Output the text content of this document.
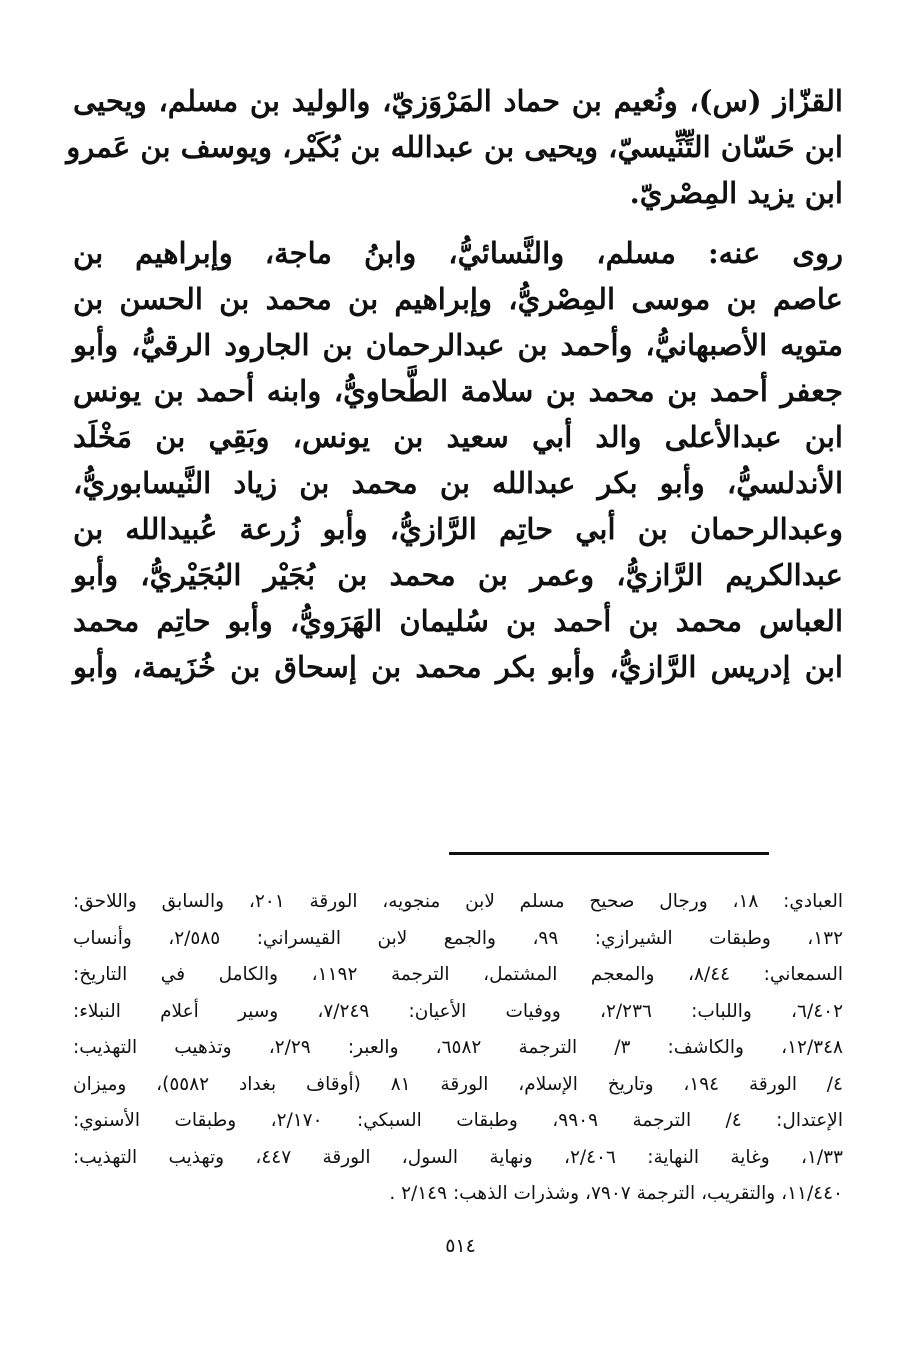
القزّاز (س)، ونُعيم بن حماد المَرْوَزيّ، والوليد بن مسلم، ويحيى
ابن حَسّان التِّنِّيسيّ، ويحيى بن عبدالله بن بُكَيْر، ويوسف بن عَمرو
ابن يزيد المِصْريّ.
روى عنه: مسلم، والنَّسائيُّ، وابنُ ماجة، وإبراهيم بن
عاصم بن موسى المِصْريُّ، وإبراهيم بن محمد بن الحسن بن
متويه الأصبهانيُّ، وأحمد بن عبدالرحمان بن الجارود الرقيُّ، وأبو
جعفر أحمد بن محمد بن سلامة الطَّحاويُّ، وابنه أحمد بن يونس
ابن عبدالأعلى والد أبي سعيد بن يونس، وبَقِي بن مَخْلَد
الأندلسيُّ، وأبو بكر عبدالله بن محمد بن زياد النَّيسابوريُّ،
وعبدالرحمان بن أبي حاتِم الرَّازيُّ، وأبو زُرعة عُبيدالله بن
عبدالكريم الرَّازيُّ، وعمر بن محمد بن بُجَيْر البُجَيْريُّ، وأبو
العباس محمد بن أحمد بن سُليمان الهَرَويُّ، وأبو حاتِم محمد
ابن إدريس الرَّازيُّ، وأبو بكر محمد بن إسحاق بن خُزَيمة، وأبو
العبادي: ١٨، ورجال صحيح مسلم لابن منجويه، الورقة ٢٠١، والسابق واللاحق:
١٣٢، وطبقات الشيرازي: ٩٩، والجمع لابن القيسراني: ٢/٥٨٥، وأنساب
السمعاني: ٨/٤٤، والمعجم المشتمل، الترجمة ١١٩٢، والكامل في التاريخ:
٦/٤٠٢، واللباب: ٢/٢٣٦، ووفيات الأعيان: ٧/٢٤٩، وسير أعلام النبلاء:
١٢/٣٤٨، والكاشف: ٣/ الترجمة ٦٥٨٢، والعبر: ٢/٢٩، وتذهيب التهذيب:
٤/ الورقة ١٩٤، وتاريخ الإسلام، الورقة ٨١ (أوقاف بغداد ٥٥٨٢)، وميزان
الإعتدال: ٤/ الترجمة ٩٩٠٩، وطبقات السبكي: ٢/١٧٠، وطبقات الأسنوي:
١/٣٣، وغاية النهاية: ٢/٤٠٦، ونهاية السول، الورقة ٤٤٧، وتهذيب التهذيب:
١١/٤٤٠، والتقريب، الترجمة ٧٩٠٧، وشذرات الذهب: ٢/١٤٩ .
٥١٤
